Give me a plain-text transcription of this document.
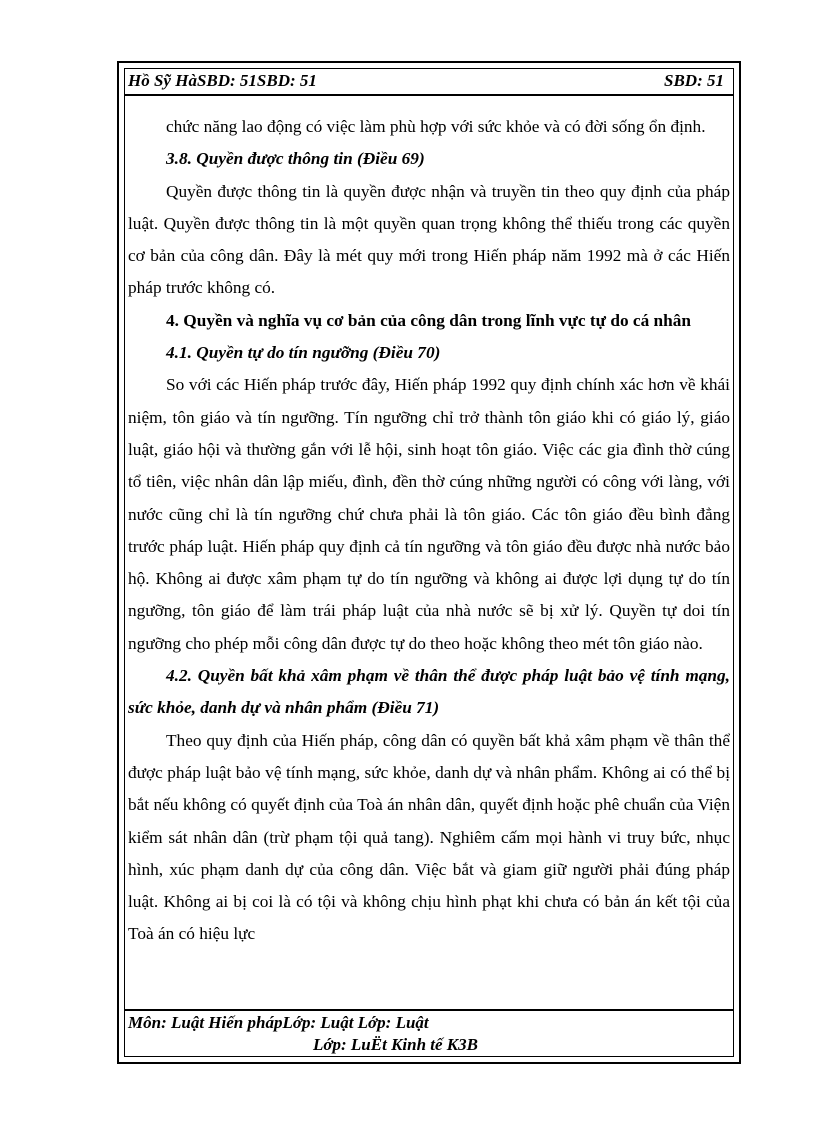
Hồ Sỹ HàSBD: 51SBD: 51	SBD: 51

chức năng lao động có việc làm phù hợp với sức khỏe và có đời sống ổn định.

3.8. Quyền được thông tin (Điều 69)

Quyền được thông tin là quyền được nhận và truyền tin theo quy định của pháp luật. Quyền được thông tin là một quyền quan trọng không thể thiếu trong các quyền cơ bản của công dân. Đây là mét quy mới trong Hiến pháp năm 1992 mà ở các Hiến pháp trước không có.

4. Quyền và nghĩa vụ cơ bản của công dân trong lĩnh vực tự do cá nhân

4.1. Quyền tự do tín ngưỡng (Điều 70)

So với các Hiến pháp trước đây, Hiến pháp 1992 quy định chính xác hơn về khái niệm, tôn giáo và tín ngưỡng. Tín ngưỡng chỉ trở thành tôn giáo khi có giáo lý, giáo luật, giáo hội và thường gắn với lễ hội, sinh hoạt tôn giáo. Việc các gia đình thờ cúng tổ tiên, việc nhân dân lập miếu, đình, đền thờ cúng những người có công với làng, với nước cũng chỉ là tín ngưỡng chứ chưa phải là tôn giáo. Các tôn giáo đều bình đẳng trước pháp luật. Hiến pháp quy định cả tín ngưỡng và tôn giáo đều được nhà nước bảo hộ. Không ai được xâm phạm tự do tín ngưỡng và không ai được lợi dụng tự do tín ngưỡng, tôn giáo để làm trái pháp luật của nhà nước sẽ bị xử lý. Quyền tự doi tín ngưỡng cho phép mỗi công dân được tự do theo hoặc không theo mét tôn giáo nào.

4.2. Quyền bất khả xâm phạm về thân thể được pháp luật bảo vệ tính mạng, sức khỏe, danh dự và nhân phẩm (Điều 71)

Theo quy định của Hiến pháp, công dân có quyền bất khả xâm phạm về thân thể được pháp luật bảo vệ tính mạng, sức khỏe, danh dự và nhân phẩm. Không ai có thể bị bắt nếu không có quyết định của Toà án nhân dân, quyết định hoặc phê chuẩn của Viện kiểm sát nhân dân (trừ phạm tội quả tang). Nghiêm cấm mọi hành vi truy bức, nhục hình, xúc phạm danh dự của công dân. Việc bắt và giam giữ người phải đúng pháp luật. Không ai bị coi là có tội và không chịu hình phạt khi chưa có bản án kết tội của Toà án có hiệu lực

Môn: Luật Hiến phápLớp: Luật Lớp: Luật
Lớp: LuËt Kinh tế K3B
